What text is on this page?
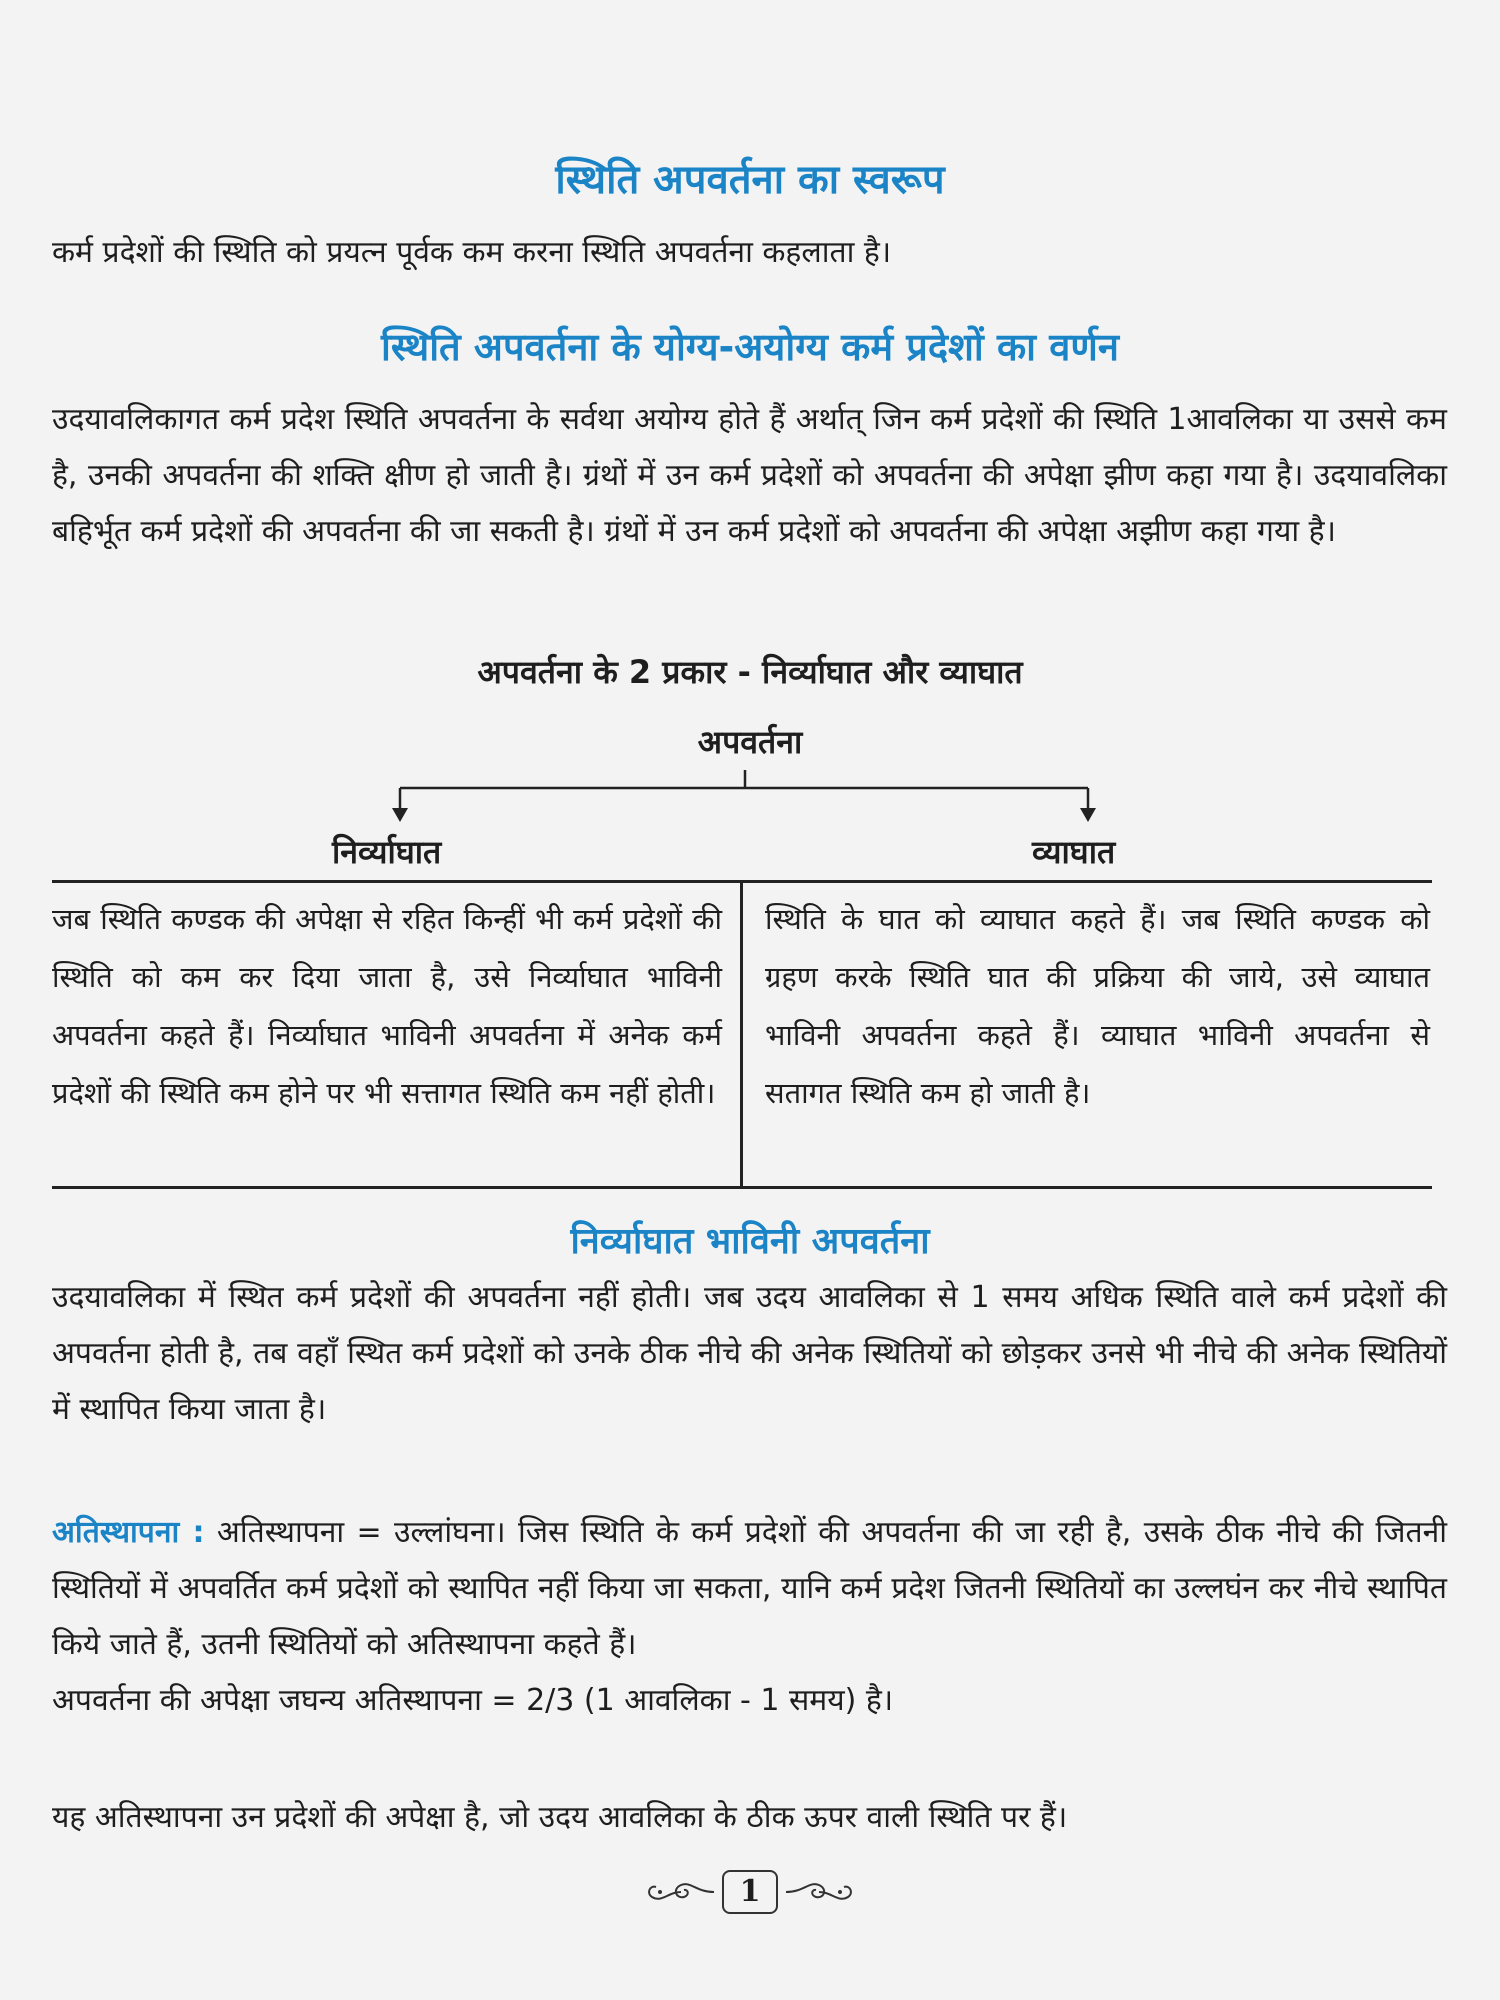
स्थिति अपवर्तना का स्वरूप

कर्म प्रदेशों की स्थिति को प्रयत्न पूर्वक कम करना स्थिति अपवर्तना कहलाता है।

स्थिति अपवर्तना के योग्य-अयोग्य कर्म प्रदेशों का वर्णन

उदयावलिकागत कर्म प्रदेश स्थिति अपवर्तना के सर्वथा अयोग्य होते हैं अर्थात् जिन कर्म प्रदेशों की स्थिति 1आवलिका या उससे कम है, उनकी अपवर्तना की शक्ति क्षीण हो जाती है। ग्रंथों में उन कर्म प्रदेशों को अपवर्तना की अपेक्षा झीण कहा गया है। उदयावलिका बहिर्भूत कर्म प्रदेशों की अपवर्तना की जा सकती है। ग्रंथों में उन कर्म प्रदेशों को अपवर्तना की अपेक्षा अझीण कहा गया है।

अपवर्तना के 2 प्रकार - निर्व्याघात और व्याघात
अपवर्तना
निर्व्याघात	व्याघात

जब स्थिति कण्डक की अपेक्षा से रहित किन्हीं भी कर्म प्रदेशों की स्थिति को कम कर दिया जाता है, उसे निर्व्याघात भाविनी अपवर्तना कहते हैं। निर्व्याघात भाविनी अपवर्तना में अनेक कर्म प्रदेशों की स्थिति कम होने पर भी सत्तागत स्थिति कम नहीं होती।

स्थिति के घात को व्याघात कहते हैं। जब स्थिति कण्डक को ग्रहण करके स्थिति घात की प्रक्रिया की जाये, उसे व्याघात भाविनी अपवर्तना कहते हैं। व्याघात भाविनी अपवर्तना से सतागत स्थिति कम हो जाती है।

निर्व्याघात भाविनी अपवर्तना

उदयावलिका में स्थित कर्म प्रदेशों की अपवर्तना नहीं होती। जब उदय आवलिका से 1 समय अधिक स्थिति वाले कर्म प्रदेशों की अपवर्तना होती है, तब वहाँ स्थित कर्म प्रदेशों को उनके ठीक नीचे की अनेक स्थितियों को छोड़कर उनसे भी नीचे की अनेक स्थितियों में स्थापित किया जाता है।

अतिस्थापना : अतिस्थापना = उल्लांघना। जिस स्थिति के कर्म प्रदेशों की अपवर्तना की जा रही है, उसके ठीक नीचे की जितनी स्थितियों में अपवर्तित कर्म प्रदेशों को स्थापित नहीं किया जा सकता, यानि कर्म प्रदेश जितनी स्थितियों का उल्लघंन कर नीचे स्थापित किये जाते हैं, उतनी स्थितियों को अतिस्थापना कहते हैं।
अपवर्तना की अपेक्षा जघन्य अतिस्थापना = 2/3 (1 आवलिका - 1 समय) है।

यह अतिस्थापना उन प्रदेशों की अपेक्षा है, जो उदय आवलिका के ठीक ऊपर वाली स्थिति पर हैं।

1
